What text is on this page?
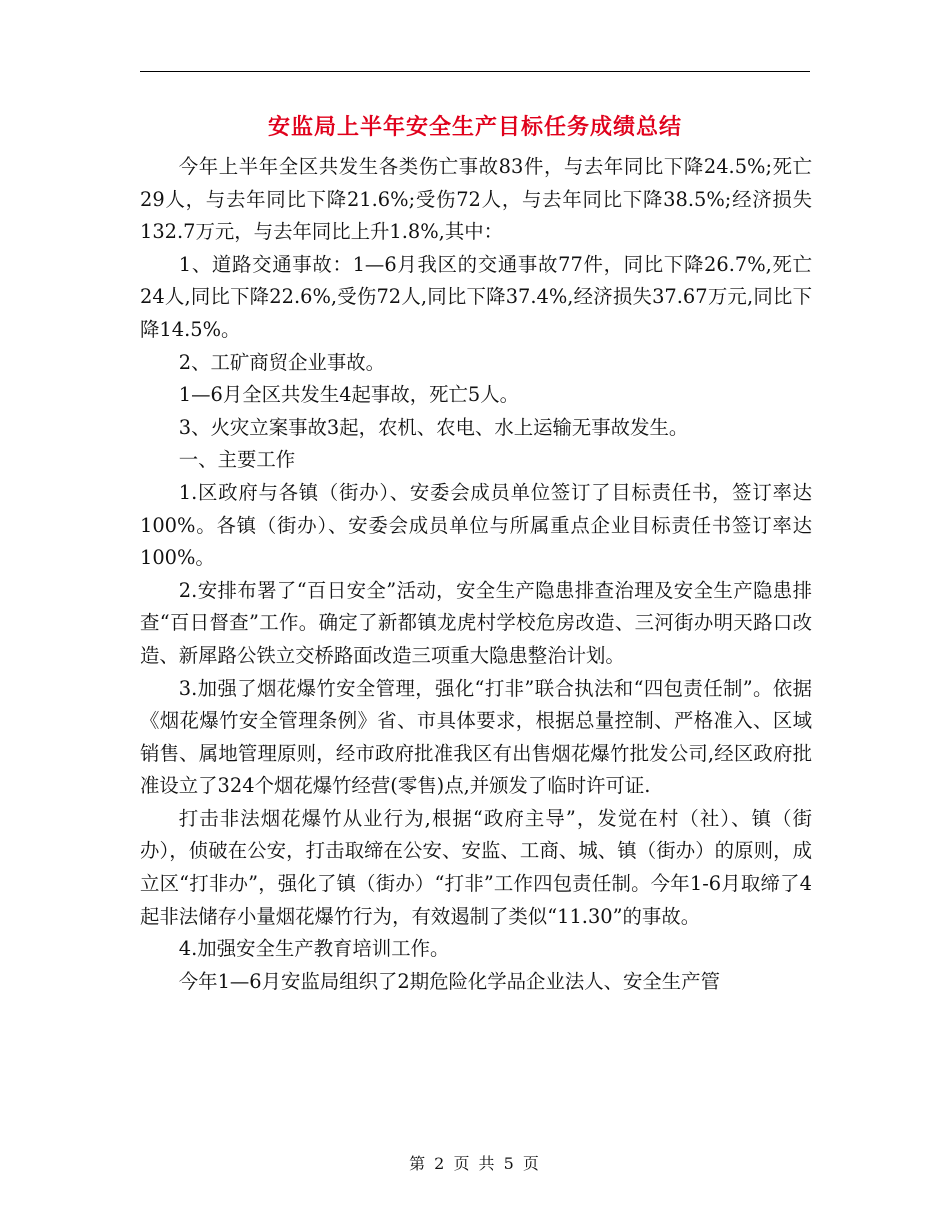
安监局上半年安全生产目标任务成绩总结

今年上半年全区共发生各类伤亡事故83件，与去年同比下降24.5%;死亡29人，与去年同比下降21.6%;受伤72人，与去年同比下降38.5%;经济损失132.7万元，与去年同比上升1.8%,其中：

1、道路交通事故：1—6月我区的交通事故77件，同比下降26.7%,死亡24人,同比下降22.6%,受伤72人,同比下降37.4%,经济损失37.67万元,同比下降14.5%。

2、工矿商贸企业事故。

1—6月全区共发生4起事故，死亡5人。

3、火灾立案事故3起，农机、农电、水上运输无事故发生。

一、主要工作

1.区政府与各镇（街办）、安委会成员单位签订了目标责任书，签订率达100%。各镇（街办）、安委会成员单位与所属重点企业目标责任书签订率达100%。

2.安排布署了“百日安全”活动，安全生产隐患排查治理及安全生产隐患排查“百日督查”工作。确定了新都镇龙虎村学校危房改造、三河街办明天路口改造、新犀路公铁立交桥路面改造三项重大隐患整治计划。

3.加强了烟花爆竹安全管理，强化“打非”联合执法和“四包责任制”。依据《烟花爆竹安全管理条例》省、市具体要求，根据总量控制、严格准入、区域销售、属地管理原则，经市政府批准我区有出售烟花爆竹批发公司,经区政府批准设立了324个烟花爆竹经营(零售)点,并颁发了临时许可证.

打击非法烟花爆竹从业行为,根据“政府主导”，发觉在村（社）、镇（街办），侦破在公安，打击取缔在公安、安监、工商、城、镇（街办）的原则，成立区“打非办”，强化了镇（街办）“打非”工作四包责任制。今年1-6月取缔了4起非法储存小量烟花爆竹行为，有效遏制了类似“11.30”的事故。

4.加强安全生产教育培训工作。

今年1—6月安监局组织了2期危险化学品企业法人、安全生产管

第 2 页 共 5 页
